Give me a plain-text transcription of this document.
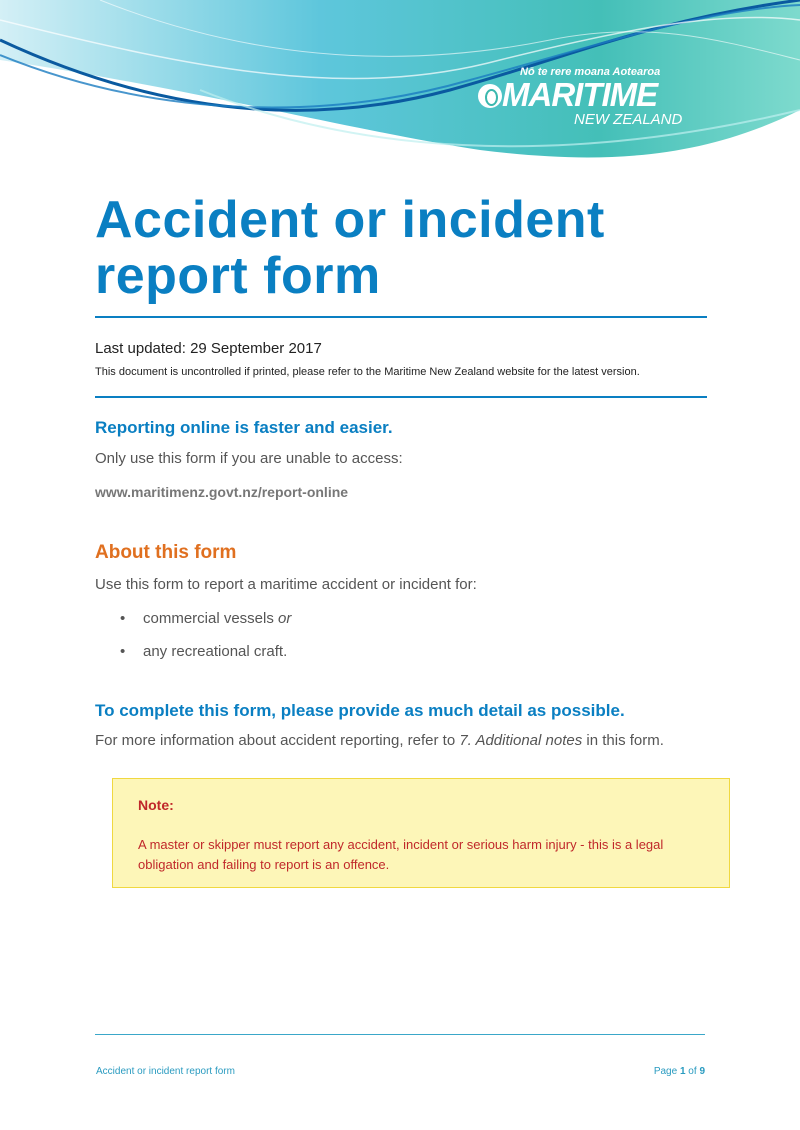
Nō te rere moana Aotearoa
MARITIME
NEW ZEALAND
Accident or incident
report form

Last updated: 29 September 2017

This document is uncontrolled if printed, please refer to the Maritime New Zealand website for the latest version.

Reporting online is faster and easier.

Only use this form if you are unable to access:

www.maritimenz.govt.nz/report-online

About this form

Use this form to report a maritime accident or incident for:

• commercial vessels or
• any recreational craft.

To complete this form, please provide as much detail as possible.

For more information about accident reporting, refer to 7. Additional notes in this form.

Note:
A master or skipper must report any accident, incident or serious harm injury - this is a legal obligation and failing to report is an offence.
Accident or incident report form	Page 1 of 9
